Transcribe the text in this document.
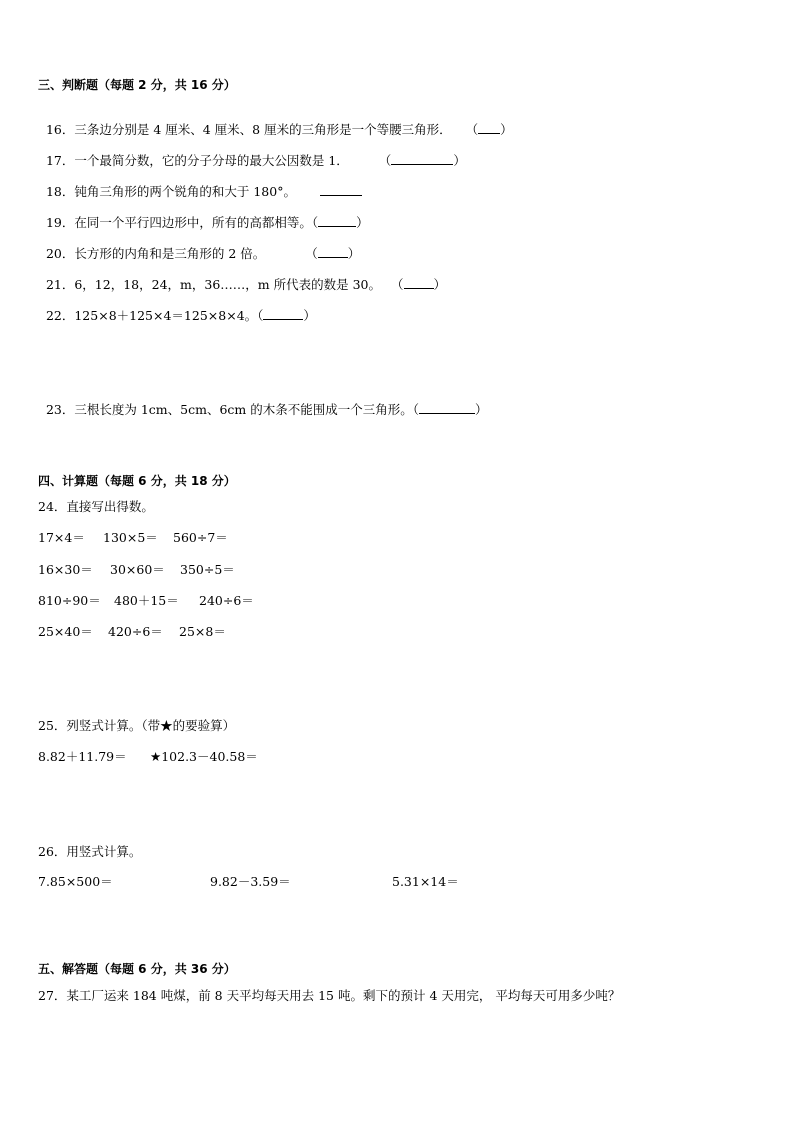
三、判断题（每题 2 分，共 16 分）

16．三条边分别是 4 厘米、4 厘米、8 厘米的三角形是一个等腰三角形． （ ）

17．一个最简分数，它的分子分母的最大公因数是 1． （	）

18．钝角三角形的两个锐角的和大于 180°。

19．在同一个平行四边形中，所有的高都相等。（	）

20．长方形的内角和是三角形的 2 倍。	（ ）

21．6，12，18，24，m，36……，m 所代表的数是 30。 （ ）

22．125×8＋125×4＝125×8×4。（	）

23．三根长度为 1cm、5cm、6cm 的木条不能围成一个三角形。（	）

四、计算题（每题 6 分，共 18 分）
24．直接写出得数。
17×4＝ 130×5＝ 560÷7＝
16×30＝ 30×60＝ 350÷5＝
810÷90＝ 480＋15＝ 240÷6＝
25×40＝ 420÷6＝ 25×8＝
25．列竖式计算。（带★的要验算）
8.82＋11.79＝ ★102.3－40.58＝
26．用竖式计算。
7.85×500＝	9.82－3.59＝	5.31×14＝
五、解答题（每题 6 分，共 36 分）
27．某工厂运来 184 吨煤，前 8 天平均每天用去 15 吨。剩下的预计 4 天用完， 平均每天可用多少吨？
